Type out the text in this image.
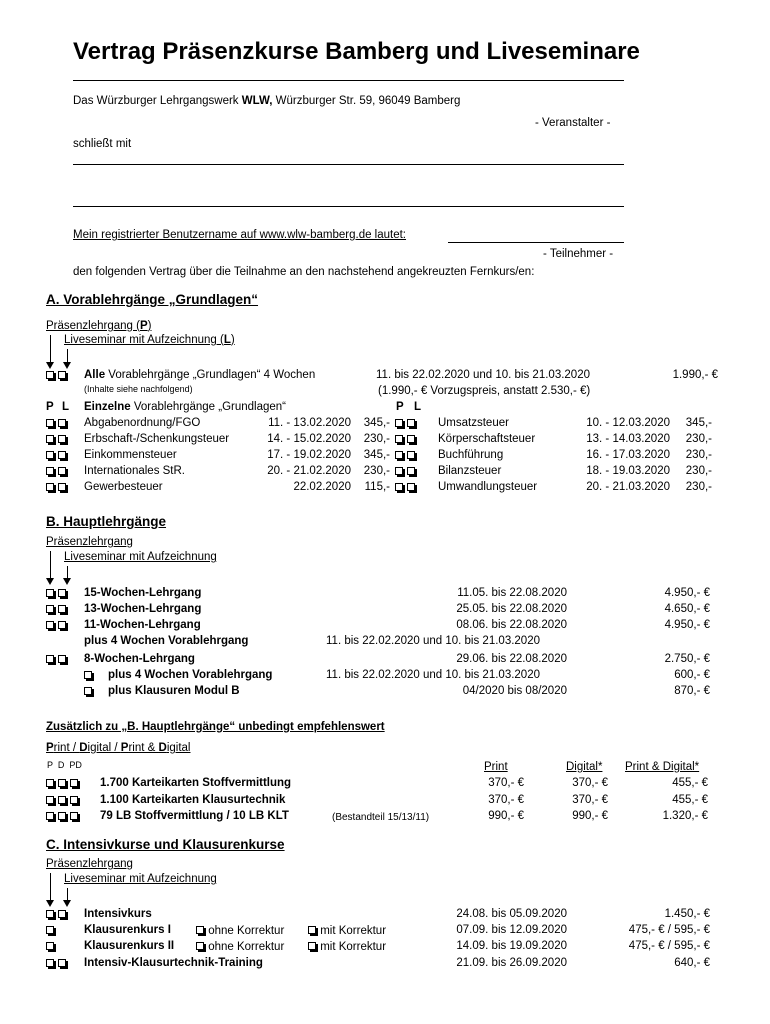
Vertrag Präsenzkurse Bamberg und Liveseminare
Das Würzburger Lehrgangswerk WLW, Würzburger Str. 59, 96049 Bamberg
- Veranstalter -
schließt mit
Mein registrierter Benutzername auf www.wlw-bamberg.de lautet:
- Teilnehmer -
den folgenden Vertrag über die Teilnahme an den nachstehend angekreuzten Fernkurs/en:
A. Vorablehrgänge „Grundlagen“
Präsenzlehrgang (P)
Liveseminar mit Aufzeichnung (L)

Alle Vorablehrgänge „Grundlagen“ 4 Wochen
(Inhalte siehe nachfolgend)
11. bis 22.02.2020 und 10. bis 21.03.2020	1.990,- €
(1.990,- € Vorzugspreis, anstatt 2.530,- €)
P L Einzelne Vorablehrgänge „Grundlagen“	P L

Abgabenordnung/FGO	11. - 13.02.2020	345,-

Erbschaft-/Schenkungsteuer	14. - 15.02.2020	230,-

Einkommensteuer	17. - 19.02.2020	345,-

Internationales StR.	20. - 21.02.2020	230,-

Gewerbesteuer	22.02.2020	115,-

Umsatzsteuer	10. - 12.03.2020	345,-

Körperschaftsteuer	13. - 14.03.2020	230,-

Buchführung	16. - 17.03.2020	230,-

Bilanzsteuer	18. - 19.03.2020	230,-

Umwandlungsteuer	20. - 21.03.2020	230,-
B. Hauptlehrgänge
Präsenzlehrgang
Liveseminar mit Aufzeichnung

15-Wochen-Lehrgang	11.05. bis 22.08.2020	4.950,- €

13-Wochen-Lehrgang	25.05. bis 22.08.2020	4.650,- €

11-Wochen-Lehrgang	08.06. bis 22.08.2020	4.950,- €
plus 4 Wochen Vorablehrgang	11. bis 22.02.2020 und 10. bis 21.03.2020

8-Wochen-Lehrgang	29.06. bis 22.08.2020	2.750,- €
plus 4 Wochen Vorablehrgang	11. bis 22.02.2020 und 10. bis 21.03.2020	600,- €
plus Klausuren Modul B	04/2020 bis 08/2020	870,- €
Zusätzlich zu „B. Hauptlehrgänge“ unbedingt empfehlenswert
Print / Digital / Print & Digital
P  D  PD	Print	Digital* Print & Digital*

1.700 Karteikarten Stoffvermittlung	370,- €	370,- €	455,- €

1.100 Karteikarten Klausurtechnik	370,- €	370,- €	455,- €

79 LB Stoffvermittlung / 10 LB KLT	(Bestandteil 15/13/11)	990,- €	990,- €	1.320,- €
C. Intensivkurse und Klausurenkurse
Präsenzlehrgang
Liveseminar mit Aufzeichnung

Intensivkurs	24.08. bis 05.09.2020	1.450,- €
Klausurenkurs I	ohne Korrektur	mit Korrektur	07.09. bis 12.09.2020	475,- € / 595,- €
Klausurenkurs II	ohne Korrektur	mit Korrektur	14.09. bis 19.09.2020	475,- € / 595,- €

Intensiv-Klausurtechnik-Training	21.09. bis 26.09.2020	640,- €
